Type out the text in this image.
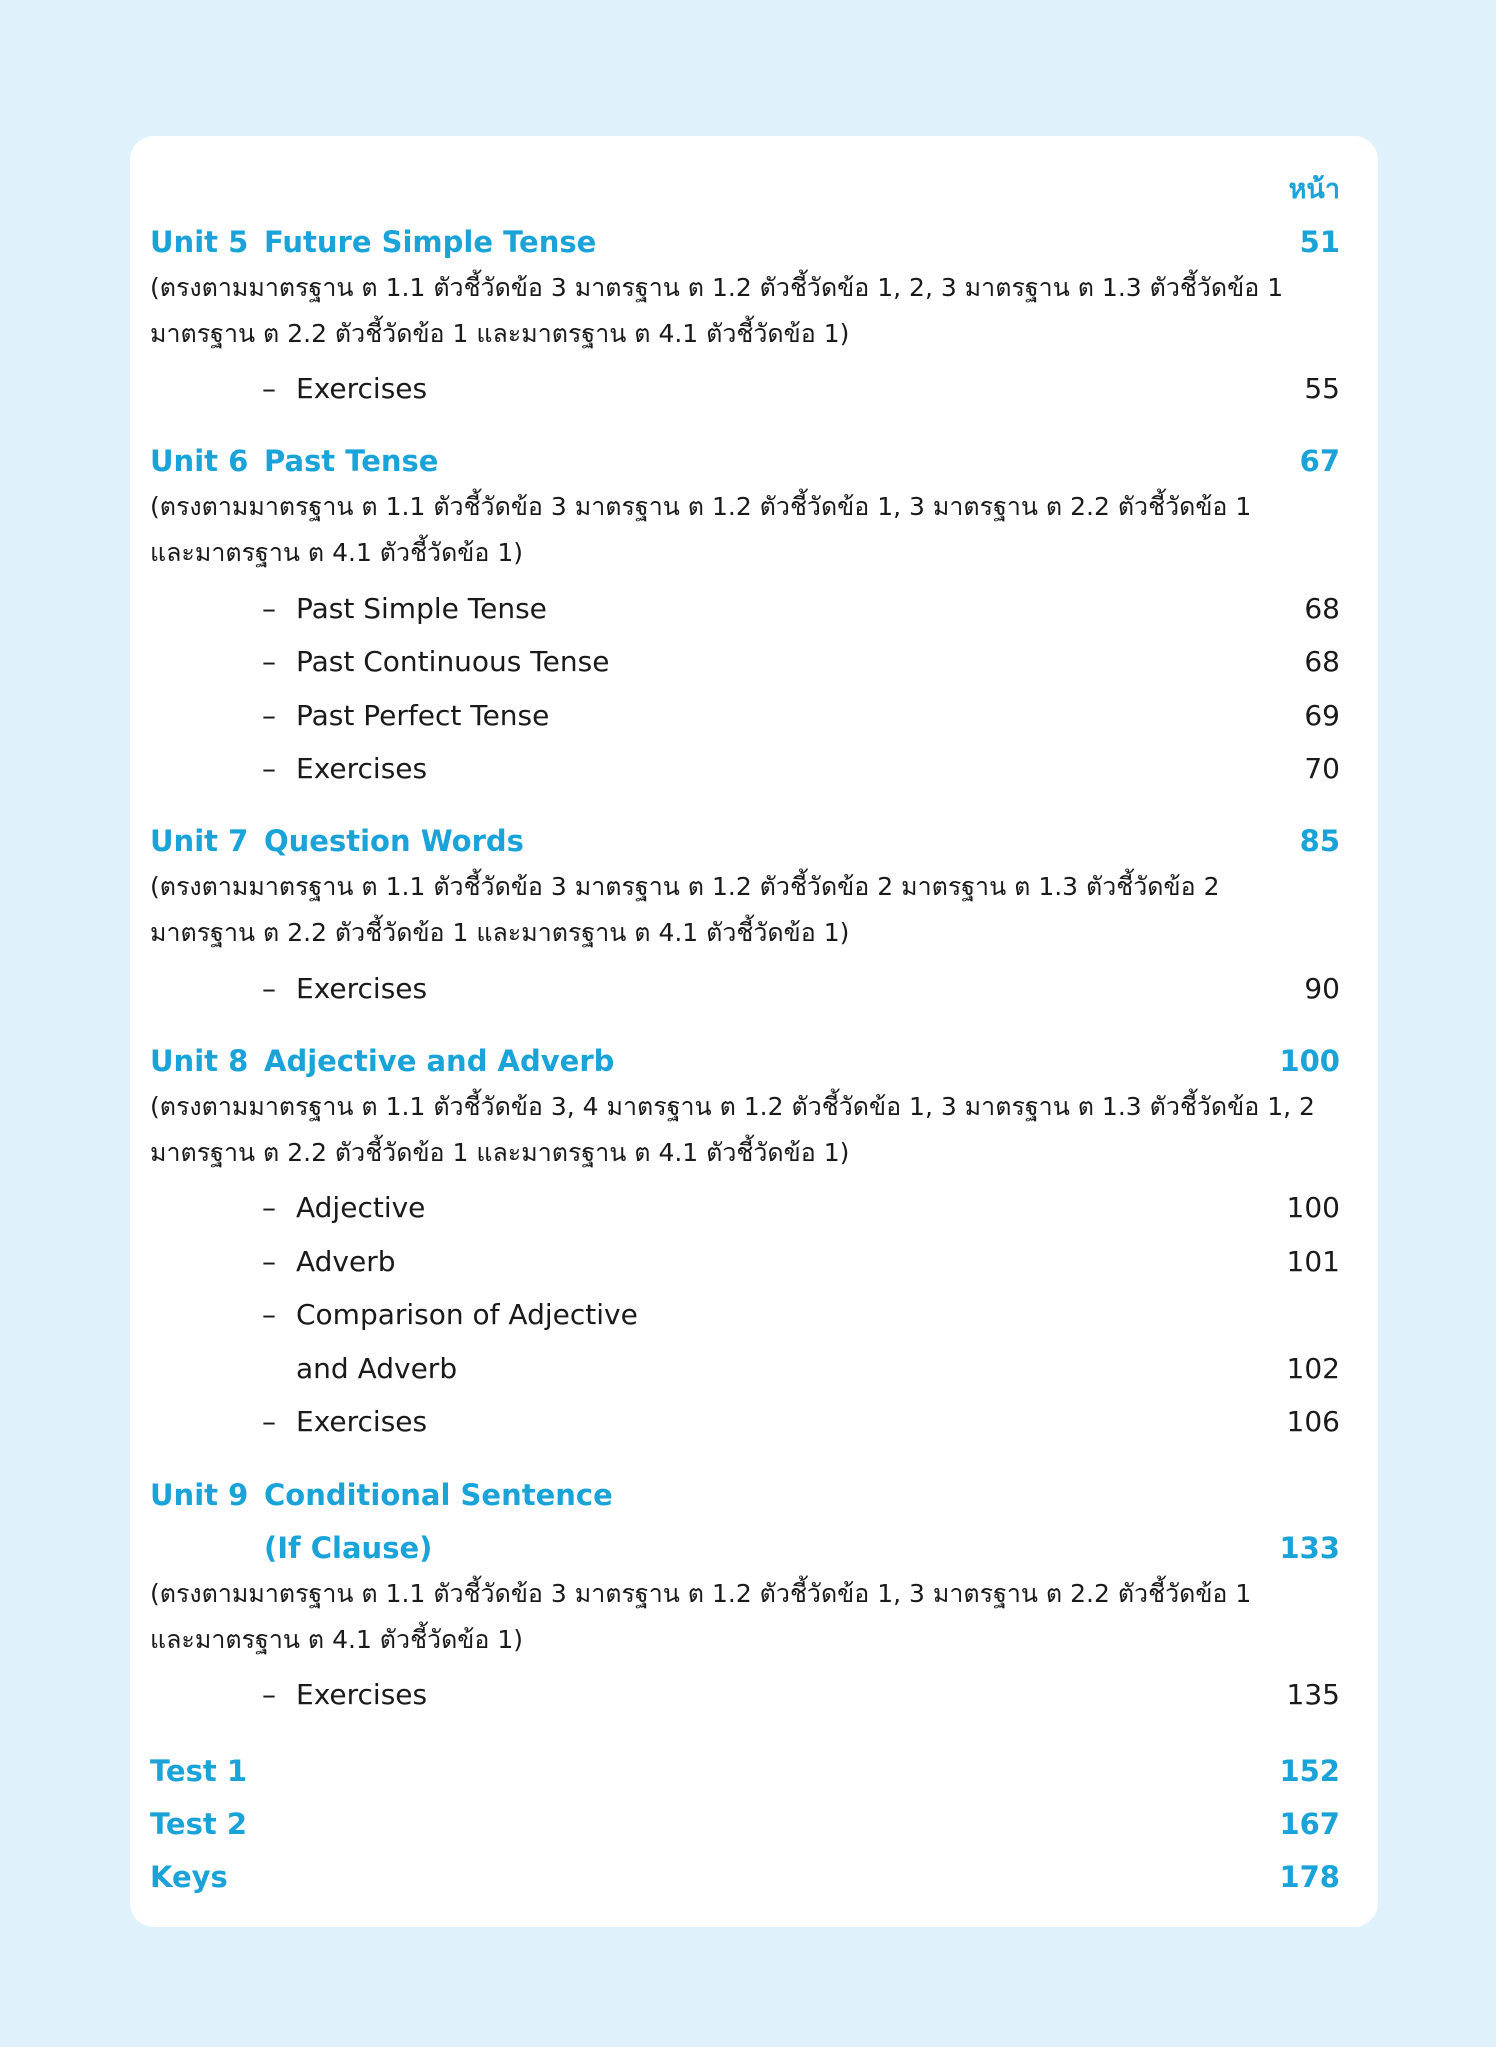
หน้า
Unit 5 Future Simple Tense	51
(ตรงตามมาตรฐาน ต 1.1 ตัวชี้วัดข้อ 3 มาตรฐาน ต 1.2 ตัวชี้วัดข้อ 1, 2, 3 มาตรฐาน ต 1.3 ตัวชี้วัดข้อ 1
มาตรฐาน ต 2.2 ตัวชี้วัดข้อ 1 และมาตรฐาน ต 4.1 ตัวชี้วัดข้อ 1)
– Exercises	55
Unit 6 Past Tense	67
(ตรงตามมาตรฐาน ต 1.1 ตัวชี้วัดข้อ 3 มาตรฐาน ต 1.2 ตัวชี้วัดข้อ 1, 3 มาตรฐาน ต 2.2 ตัวชี้วัดข้อ 1
และมาตรฐาน ต 4.1 ตัวชี้วัดข้อ 1)
– Past Simple Tense	68
– Past Continuous Tense	68
– Past Perfect Tense	69
– Exercises	70
Unit 7 Question Words	85
(ตรงตามมาตรฐาน ต 1.1 ตัวชี้วัดข้อ 3 มาตรฐาน ต 1.2 ตัวชี้วัดข้อ 2 มาตรฐาน ต 1.3 ตัวชี้วัดข้อ 2
มาตรฐาน ต 2.2 ตัวชี้วัดข้อ 1 และมาตรฐาน ต 4.1 ตัวชี้วัดข้อ 1)
– Exercises	90
Unit 8 Adjective and Adverb	100
(ตรงตามมาตรฐาน ต 1.1 ตัวชี้วัดข้อ 3, 4 มาตรฐาน ต 1.2 ตัวชี้วัดข้อ 1, 3 มาตรฐาน ต 1.3 ตัวชี้วัดข้อ 1, 2
มาตรฐาน ต 2.2 ตัวชี้วัดข้อ 1 และมาตรฐาน ต 4.1 ตัวชี้วัดข้อ 1)
– Adjective	100
– Adverb	101
– Comparison of Adjective
and Adverb	102
– Exercises	106
Unit 9 Conditional Sentence
(If Clause)	133
(ตรงตามมาตรฐาน ต 1.1 ตัวชี้วัดข้อ 3 มาตรฐาน ต 1.2 ตัวชี้วัดข้อ 1, 3 มาตรฐาน ต 2.2 ตัวชี้วัดข้อ 1
และมาตรฐาน ต 4.1 ตัวชี้วัดข้อ 1)
– Exercises	135
Test 1	152
Test 2	167
Keys	178
